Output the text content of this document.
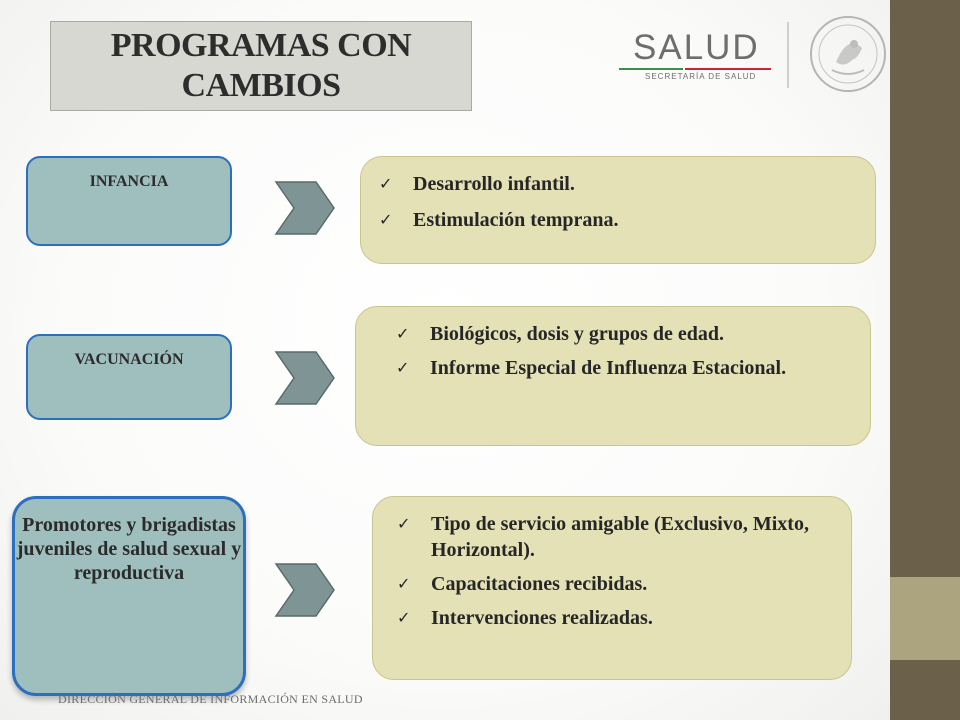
PROGRAMAS CON CAMBIOS
SALUD
SECRETARÍA DE SALUD
INFANCIA
VACUNACIÓN
Promotores y brigadistas juveniles de salud sexual y reproductiva
✓	Desarrollo infantil.
✓	Estimulación temprana.
✓	Biológicos, dosis y grupos de edad.
✓	Informe Especial de Influenza Estacional.
✓	Tipo de servicio amigable (Exclusivo, Mixto, Horizontal).
✓	Capacitaciones recibidas.
✓	Intervenciones realizadas.
DIRECCIÓN GENERAL DE INFORMACIÓN EN SALUD
